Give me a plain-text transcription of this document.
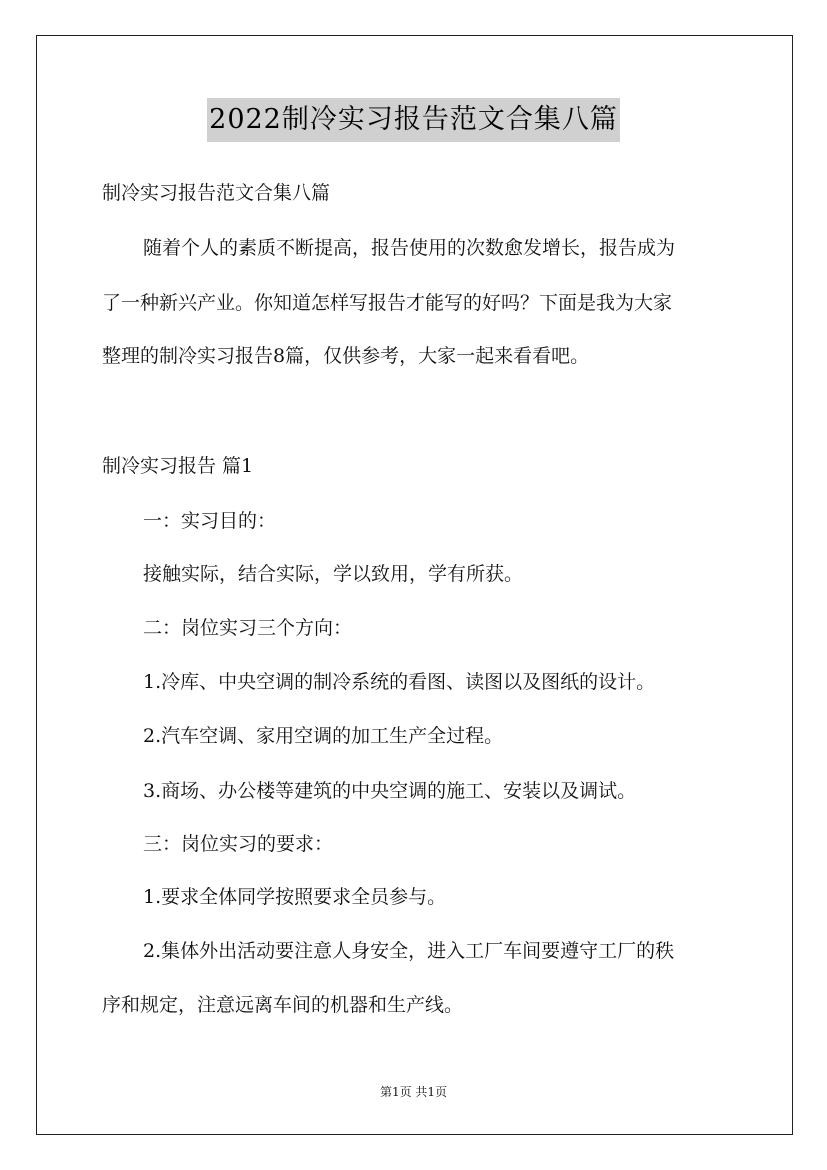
2022制冷实习报告范文合集八篇
制冷实习报告范文合集八篇
随着个人的素质不断提高，报告使用的次数愈发增长，报告成为
了一种新兴产业。你知道怎样写报告才能写的好吗？下面是我为大家
整理的制冷实习报告8篇，仅供参考，大家一起来看看吧。
制冷实习报告 篇1
一：实习目的：
接触实际，结合实际，学以致用，学有所获。
二：岗位实习三个方向：
1.冷库、中央空调的制冷系统的看图、读图以及图纸的设计。
2.汽车空调、家用空调的加工生产全过程。
3.商场、办公楼等建筑的中央空调的施工、安装以及调试。
三：岗位实习的要求：
1.要求全体同学按照要求全员参与。
2.集体外出活动要注意人身安全，进入工厂车间要遵守工厂的秩
序和规定，注意远离车间的机器和生产线。
第1页 共1页
